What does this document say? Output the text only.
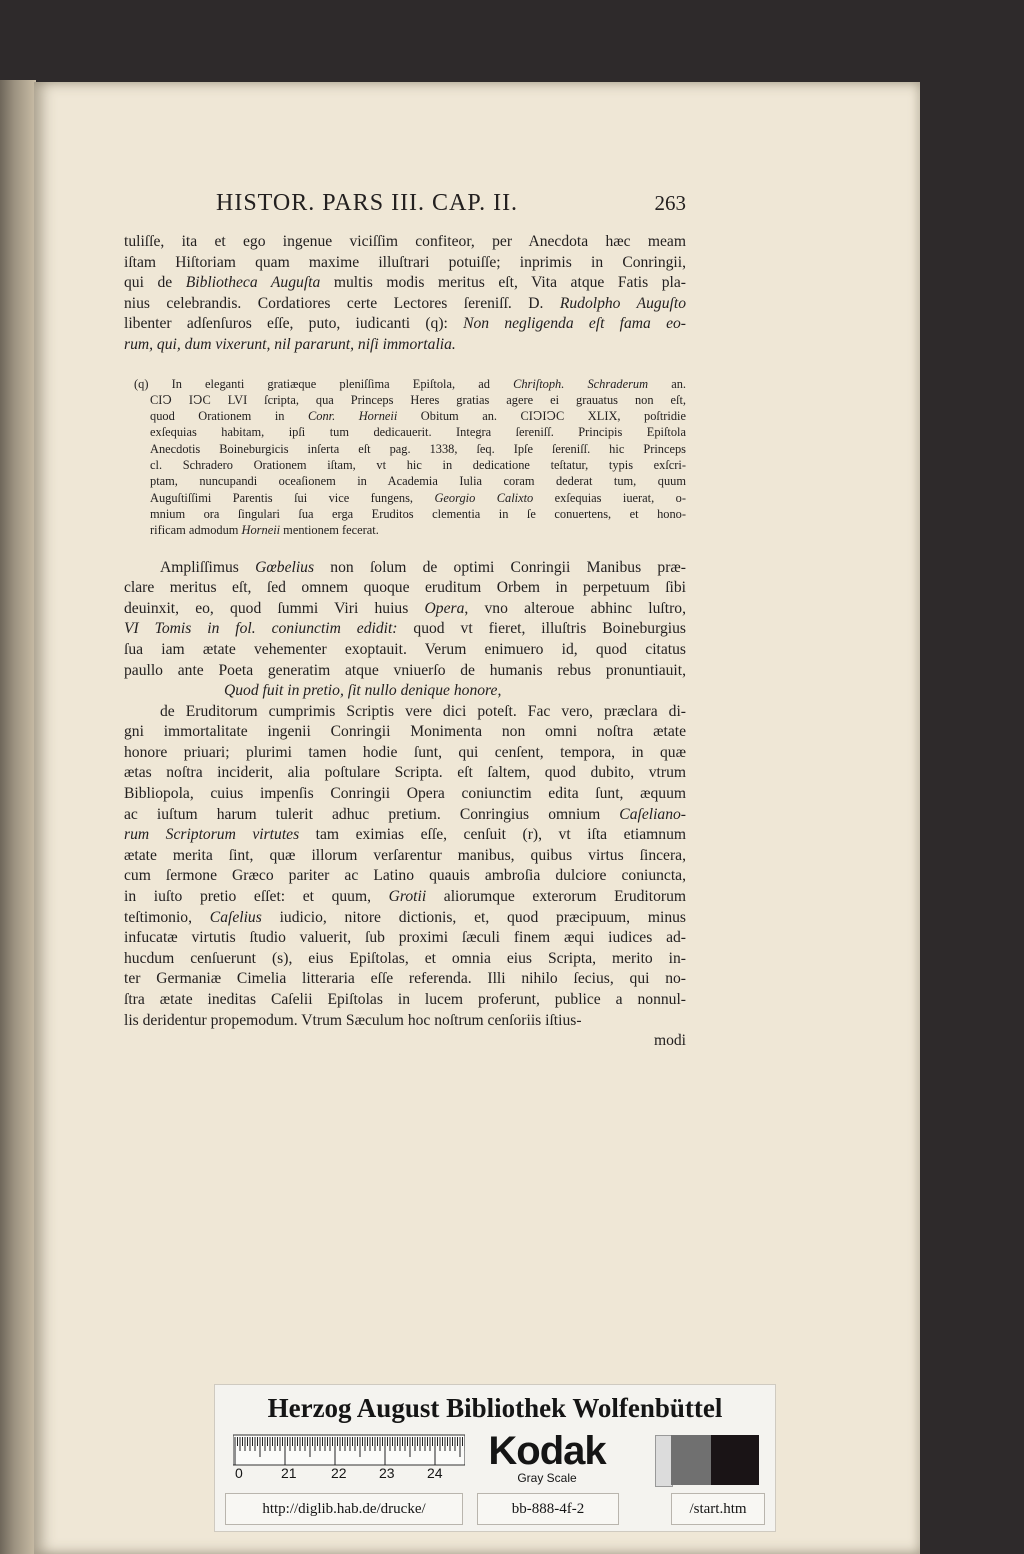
HISTOR. PARS III. CAP. II.	263
tuliſſe, ita et ego ingenue viciſſim confiteor, per Anecdota hæc meam
iſtam Hiſtoriam quam maxime illuſtrari potuiſſe; inprimis in Conringii,
qui de Bibliotheca Auguſta multis modis meritus eſt, Vita atque Fatis pla-
nius celebrandis. Cordatiores certe Lectores ſereniſſ. D. Rudolpho Auguſto
libenter adſenſuros eſſe, puto, iudicanti (q): Non negligenda eſt fama eo-
rum, qui, dum vixerunt, nil pararunt, niſi immortalia.
(q) In eleganti gratiæque pleniſſima Epiſtola, ad Chriſtoph. Schraderum an.
CIↃ IↃC LVI ſcripta, qua Princeps Heres gratias agere ei grauatus non eſt,
quod Orationem in Conr. Horneii Obitum an. CIↃIↃC XLIX, poſtridie
exſequias habitam, ipſi tum dedicauerit. Integra ſereniſſ. Principis Epiſtola
Anecdotis Boineburgicis inſerta eſt pag. 1338, ſeq. Ipſe ſereniſſ. hic Princeps
cl. Schradero Orationem iſtam, vt hic in dedicatione teſtatur, typis exſcri-
ptam, nuncupandi oceaſionem in Academia Iulia coram dederat tum, quum
Auguſtiſſimi Parentis ſui vice fungens, Georgio Calixto exſequias iuerat, o-
mnium ora ſingulari ſua erga Eruditos clementia in ſe conuertens, et hono-
rificam admodum Horneii mentionem fecerat.
Ampliſſimus Gœbelius non ſolum de optimi Conringii Manibus præ-
clare meritus eſt, ſed omnem quoque eruditum Orbem in perpetuum ſibi
deuinxit, eo, quod ſummi Viri huius Opera, vno alteroue abhinc luſtro,
VI Tomis in fol. coniunctim edidit: quod vt fieret, illuſtris Boineburgius
ſua iam ætate vehementer exoptauit. Verum enimuero id, quod citatus
paullo ante Poeta generatim atque vniuerſo de humanis rebus pronuntiauit,
Quod fuit in pretio, ſit nullo denique honore,
de Eruditorum cumprimis Scriptis vere dici poteſt. Fac vero, præclara di-
gni immortalitate ingenii Conringii Monimenta non omni noſtra ætate
honore priuari; plurimi tamen hodie ſunt, qui cenſent, tempora, in quæ
ætas noſtra inciderit, alia poſtulare Scripta. eſt ſaltem, quod dubito, vtrum
Bibliopola, cuius impenſis Conringii Opera coniunctim edita ſunt, æquum
ac iuſtum harum tulerit adhuc pretium. Conringius omnium Caſeliano-
rum Scriptorum virtutes tam eximias eſſe, cenſuit (r), vt iſta etiamnum
ætate merita ſint, quæ illorum verſarentur manibus, quibus virtus ſincera,
cum ſermone Græco pariter ac Latino quauis ambroſia dulciore coniuncta,
in iuſto pretio eſſet: et quum, Grotii aliorumque exterorum Eruditorum
teſtimonio, Caſelius iudicio, nitore dictionis, et, quod præcipuum, minus
infucatæ virtutis ſtudio valuerit, ſub proximi ſæculi finem æqui iudices ad-
hucdum cenſuerunt (s), eius Epiſtolas, et omnia eius Scripta, merito in-
ter Germaniæ Cimelia litteraria eſſe referenda. Illi nihilo ſecius, qui no-
ſtra ætate ineditas Caſelii Epiſtolas in lucem proferunt, publice a nonnul-
lis deridentur propemodum. Vtrum Sæculum hoc noſtrum cenſoriis iſtius-
modi
Herzog August Bibliothek Wolfenbüttel
0	21 22 23 24 Kodak
Gray Scale
http://diglib.hab.de/drucke/	bb-888-4f-2	/start.htm
